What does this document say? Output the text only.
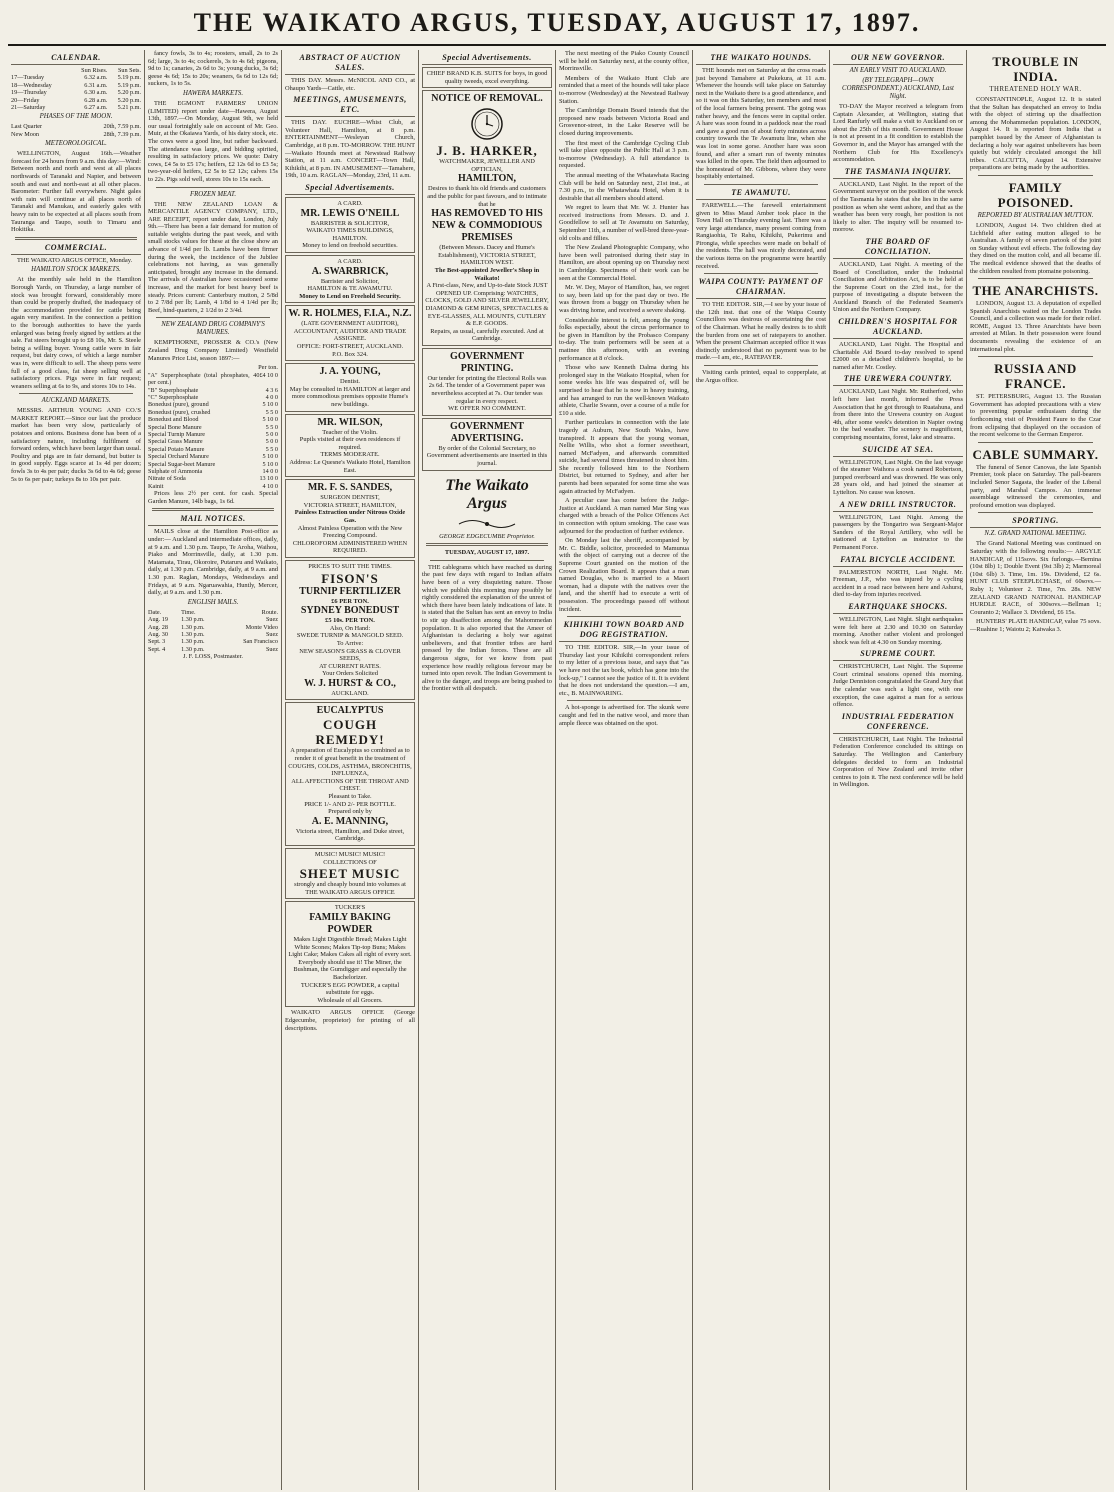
THE WAIKATO ARGUS, TUESDAY, AUGUST 17, 1897.
CALENDAR.
	Sun Rises.	Sun Sets.
17—Tuesday	6.32 a.m.	5.19 p.m.
18—Wednesday	6.31 a.m.	5.19 p.m.
19—Thursday	6.30 a.m.	5.20 p.m.
20—Friday	6.28 a.m.	5.20 p.m.
21—Saturday	6.27 a.m.	5.21 p.m.
PHASES OF THE MOON.
Last Quarter	20th, 7.59 p.m.
New Moon	28th, 7.39 p.m.
METEOROLOGICAL.

WELLINGTON, August 16th.—Weather forecast for 24 hours from 9 a.m. this day:—Wind: Between north and north and west at all places northwards of Taranaki and Napier, and between south and east and north-east at all other places. Barometer: Further fall everywhere. Night gales with rain will continue at all places north of Taranaki and Manukau, and easterly gales with heavy rain to be expected at all places south from Tauranga and Taupo, south to Timaru and Hokitika.

COMMERCIAL.

THE WAIKATO ARGUS OFFICE, Monday.

HAMILTON STOCK MARKETS.

At the monthly sale held in the Hamilton Borough Yards, on Thursday, a large number of stock was brought forward, considerably more than could be properly drafted, the inadequacy of the accommodation provided for cattle being again very manifest. In the connection a petition to the borough authorities to have the yards enlarged was being freely signed by settlers at the sale. Fat steers brought up to £8 10s, Mr. S. Steele being a willing buyer. Young cattle were in fair request, but dairy cows, of which a large number was in, were difficult to sell. The sheep pens were full of a good class, fat sheep selling well at satisfactory prices. Pigs were in fair request; weaners selling at 6s to 9s, and stores 10s to 14s.

AUCKLAND MARKETS.

MESSRS. ARTHUR YOUNG AND CO.'S MARKET REPORT.—Since our last the produce market has been very slow, particularly of potatoes and onions. Business done has been of a satisfactory nature, including fulfilment of forward orders, which have been larger than usual. Poultry and pigs are in fair demand, but butter is in good supply. Eggs scarce at 1s 4d per dozen; fowls 3s to 4s per pair; ducks 3s 6d to 4s 6d; geese 5s to 6s per pair; turkeys 8s to 10s per pair.

fancy fowls, 3s to 4s; roosters, small, 2s to 2s 6d; large, 3s to 4s; cockerels, 3s to 4s 6d; pigeons, 9d to 1s; canaries, 2s 6d to 3s; young ducks, 3s 6d; geese 4s 6d; 15s to 20s; weaners, 6s 6d to 12s 6d; suckers, 1s to 5s.

HAWERA MARKETS.

THE EGMONT FARMERS' UNION (LIMITED) report under date—Hawera, August 13th, 1897.—On Monday, August 9th, we held our usual fortnightly sale on account of Mr. Geo. Muir, at the Okaiawa Yards, of his dairy stock, etc. The cows were a good line, but rather backward. The attendance was large, and bidding spirited, resulting in satisfactory prices. We quote: Dairy cows, £4 5s to £5 17s; heifers, £2 12s 6d to £3 5s; two-year-old heifers, £2 5s to £2 12s; calves 15s to 22s. Pigs sold well, stores 10s to 15s each.

FROZEN MEAT.

THE NEW ZEALAND LOAN & MERCANTILE AGENCY COMPANY, LTD., ARE RECEIPT, report under date, London, July 9th.—There has been a fair demand for mutton of suitable weights during the past week, and with small stocks values for these at the close show an advance of 1/4d per lb. Lambs have been firmer during the week, the incidence of the Jubilee celebrations not having, as was generally anticipated, brought any increase in the demand. The arrivals of Australian have occasioned some increase, and the market for best heavy beef is steady. Prices current: Canterbury mutton, 2 5/8d to 2 7/8d per lb; Lamb, 4 1/8d to 4 1/4d per lb; Beef, hind-quarters, 2 1/2d to 2 3/4d.

NEW ZEALAND DRUG COMPANY'S MANURES.

KEMPTHORNE, PROSSER & CO.'s (New Zealand Drug Company Limited) Westfield Manures Price List, season 1897:—

Per ton.
"A" Superphosphate (total phosphates, 40 per cent.)	£4 10 0
"B" Superphosphate	4 3 6
"C" Superphosphate	4 0 0
Bonedust (pure), ground	5 10 0
Bonedust (pure), crushed	5 5 0
Bonedust and Blood	5 10 0
Special Bone Manure	5 5 0
Special Turnip Manure	5 0 0
Special Grass Manure	5 0 0
Special Potato Manure	5 5 0
Special Orchard Manure	5 10 0
Special Sugar-beet Manure	5 10 0
Sulphate of Ammonia	14 0 0
Nitrate of Soda	13 10 0
Kainit	4 10 0

Prices less 2½ per cent. for cash. Special Garden Manure, 14lb bags, 1s 6d.

MAIL NOTICES.

MAILS close at the Hamilton Post-office as under:— Auckland and intermediate offices, daily, at 9 a.m. and 1.30 p.m. Taupo, Te Aroha, Waihou, Piako and Morrinsville, daily, at 1.30 p.m. Matamata, Tirau, Okoroire, Putaruru and Waikato, daily, at 1.30 p.m. Cambridge, daily, at 9 a.m. and 1.30 p.m. Raglan, Mondays, Wednesdays and Fridays, at 9 a.m. Ngaruawahia, Huntly, Mercer, daily, at 9 a.m. and 1.30 p.m.

ENGLISH MAILS.
Date.	Time.	Route.
Aug. 19	1.30 p.m.	Suez
Aug. 28	1.30 p.m.	Monte Video
Aug. 30	1.30 p.m.	Suez
Sept. 3	1.30 p.m.	San Francisco
Sept. 4	1.30 p.m.	Suez
J. F. LOSS, Postmaster.
ABSTRACT OF AUCTION SALES.

THIS DAY. Messrs. McNICOL AND CO., at Ohaupo Yards—Cattle, etc.

MEETINGS, AMUSEMENTS, ETC.

THIS DAY. EUCHRE—Whist Club, at Volunteer Hall, Hamilton, at 8 p.m. ENTERTAINMENT—Wesleyan Church, Cambridge, at 8 p.m. TO-MORROW. THE HUNT—Waikato Hounds meet at Newstead Railway Station, at 11 a.m. CONCERT—Town Hall, Kihikihi, at 8 p.m. IN AMUSEMENT—Tamahere, 19th, 10 a.m. RAGLAN—Monday, 23rd, 11 a.m.

Special Advertisements.
A CARD.
MR. LEWIS O'NEILL
BARRISTER & SOLICITOR,
WAIKATO TIMES BUILDINGS,
HAMILTON.
Money to lend on freehold securities.
A CARD.
A. SWARBRICK,
Barrister and Solicitor,
HAMILTON & TE AWAMUTU.
Money to Lend on Freehold Security.
W. R. HOLMES, F.I.A., N.Z.
(LATE GOVERNMENT AUDITOR),
ACCOUNTANT, AUDITOR AND TRADE ASSIGNEE.
OFFICE: FORT-STREET, AUCKLAND.
P.O. Box 324.
J. A. YOUNG,
Dentist.
May be consulted in HAMILTON at larger and more commodious premises opposite Hume's new buildings.
MR. WILSON,
Teacher of the Violin.
Pupils visited at their own residences if required.
TERMS MODERATE.
Address: Le Quesne's Waikato Hotel, Hamilton East.
MR. F. S. SANDES,
SURGEON DENTIST,
VICTORIA STREET, HAMILTON,
Painless Extraction under Nitrous Oxide Gas.
Almost Painless Operation with the New Freezing Compound.
CHLOROFORM ADMINISTERED WHEN REQUIRED.
PRICES TO SUIT THE TIMES.
FISON'S
TURNIP FERTILIZER
£6 PER TON.
SYDNEY BONEDUST
£5 10s. PER TON.
Also, On Hand:
SWEDE TURNIP & MANGOLD SEED.
To Arrive:
NEW SEASON'S GRASS & CLOVER SEEDS,
AT CURRENT RATES.
Your Orders Solicited
W. J. HURST & CO.,
AUCKLAND.
EUCALYPTUS
COUGH REMEDY!
A preparation of Eucalyptus so combined as to render it of great benefit in the treatment of
COUGHS, COLDS, ASTHMA, BRONCHITIS, INFLUENZA,
ALL AFFECTIONS OF THE THROAT AND CHEST.
Pleasant to Take.
PRICE 1/- AND 2/- PER BOTTLE.
Prepared only by
A. E. MANNING,
Victoria street, Hamilton, and Duke street, Cambridge.
MUSIC! MUSIC! MUSIC!
COLLECTIONS OF
SHEET MUSIC
strongly and cheaply bound into volumes at
THE WAIKATO ARGUS OFFICE
TUCKER'S
FAMILY BAKING POWDER
Makes Light Digestible Bread; Makes Light White Scones; Makes Tip-top Buns; Makes Light Cake; Makes Cakes all right of every sort.
Everybody should use it! The Miner, the Bushman, the Gumdigger and especially the Bachelorizer.
TUCKER'S EGG POWDER, a capital substitute for eggs.
Wholesale of all Grocers.

WAIKATO ARGUS OFFICE (George Edgecumbe, proprietor) for printing of all descriptions.

Special Advertisements.
CHIEF BRAND K.B. SUITS for boys, in good quality tweeds, excel everything.
NOTICE OF REMOVAL.
J. B. HARKER,
WATCHMAKER, JEWELLER AND OPTICIAN,
HAMILTON,
Desires to thank his old friends and customers and the public for past favours, and to intimate that he
HAS REMOVED TO HIS NEW & COMMODIOUS PREMISES
(Between Messrs. Dacey and Hume's Establishment), VICTORIA STREET, HAMILTON WEST.
The Best-appointed Jeweller's Shop in Waikato!
A First-class, New, and Up-to-date Stock JUST OPENED UP. Comprising: WATCHES, CLOCKS, GOLD AND SILVER JEWELLERY, DIAMOND & GEM RINGS, SPECTACLES & EYE-GLASSES, ALL MOUNTS, CUTLERY & E.P. GOODS.
Repairs, as usual, carefully executed. And at Cambridge.
GOVERNMENT PRINTING.
Our tender for printing the Electoral Rolls was 2s 6d. The tender of a Government paper was nevertheless accepted at 7s. Our tender was regular in every respect.
WE OFFER NO COMMENT.
GOVERNMENT ADVERTISING.
By order of the Colonial Secretary, no Government advertisements are inserted in this journal.
The Waikato Argus
GEORGE EDGECUMBE Proprietor.
TUESDAY, AUGUST 17, 1897.

THE cablegrams which have reached us during the past few days with regard to Indian affairs have been of a very disquieting nature. Those which we publish this morning may possibly be rightly considered the explanation of the unrest of which there have been lately indications of late. It is stated that the Sultan has sent an envoy to India to stir up disaffection among the Mahommedan population. It is also reported that the Ameer of Afghanistan is declaring a holy war against unbelievers, and that frontier tribes are hard pressed by the Indian forces. These are all dangerous signs, for we know from past experience how readily religious fervour may be turned into open revolt. The Indian Government is alive to the danger, and troops are being pushed to the frontier with all despatch.

The next meeting of the Piako County Council will be held on Saturday next, at the county office, Morrinsville.

Members of the Waikato Hunt Club are reminded that a meet of the hounds will take place to-morrow (Wednesday) at the Newstead Railway Station.

The Cambridge Domain Board intends that the proposed new roads between Victoria Road and Grosvenor-street, in the Lake Reserve will be closed during improvements.

The first meet of the Cambridge Cycling Club will take place opposite the Public Hall at 3 p.m. to-morrow (Wednesday). A full attendance is requested.

The annual meeting of the Whatawhata Racing Club will be held on Saturday next, 21st inst., at 7.30 p.m., to the Whatawhata Hotel, when it is desirable that all members should attend.

We regret to learn that Mr. W. J. Hunter has received instructions from Messrs. D. and J. Goodfellow to sell at Te Awamutu on Saturday, September 11th, a number of well-bred three-year-old colts and fillies.

The New Zealand Photographic Company, who have been well patronised during their stay in Hamilton, are about opening up on Thursday next in Cambridge. Specimens of their work can be seen at the Commercial Hotel.

Mr. W. Dey, Mayor of Hamilton, has, we regret to say, been laid up for the past day or two. He was thrown from a buggy on Thursday when he was driving home, and received a severe shaking.

Considerable interest is felt, among the young folks especially, about the circus performance to be given in Hamilton by the Probasco Company to-day. The train performers will be seen at a matinee this afternoon, with an evening performance at 8 o'clock.

Those who saw Kenneth Dalma during his prolonged stay in the Waikato Hospital, when for some weeks his life was despaired of, will be surprised to hear that he is now in heavy training, and has arranged to run the well-known Waikato athlete, Charlie Swann, over a course of a mile for £10 a side.

Further particulars in connection with the late tragedy at Auburn, New South Wales, have transpired. It appears that the young woman, Nellie Willis, who shot a former sweetheart, named McFadyen, and afterwards committed suicide, had several times threatened to shoot him. She recently followed him to the Northern District, but returned to Sydney, and after her parents had been separated for some time she was again attracted by McFadyen.

A peculiar case has come before the Judge-Justice at Auckland. A man named Mar Sing was charged with a breach of the Police Offences Act in connection with opium smoking. The case was adjourned for the production of further evidence.

On Monday last the sheriff, accompanied by Mr. C. Biddle, solicitor, proceeded to Mamunua with the object of carrying out a decree of the Supreme Court granted on the motion of the Crown Realization Board. It appears that a man named Douglas, who is married to a Maori woman, had a dispute with the natives over the land, and the sheriff had to execute a writ of possession. The proceedings passed off without incident.

KIHIKIHI TOWN BOARD AND DOG REGISTRATION.

TO THE EDITOR. SIR,—In your issue of Thursday last your Kihikihi correspondent refers to my letter of a previous issue, and says that "as we have not the tax book, which has gone into the lock-up," I cannot see the justice of it. It is evident that he does not understand the question.—I am, etc., B. MAINWARING.

A hot-sponge is advertised for. The skunk were caught and fed in the native wool, and more than ample fleece was obtained on the spot.

THE WAIKATO HOUNDS.

THE hounds met on Saturday at the cross roads just beyond Tamahere at Pukekura, at 11 a.m. Whenever the hounds will take place on Saturday next in the Waikato there is a good attendance, and so it was on this Saturday, ten members and most of the local farmers being present. The going was rather heavy, and the fences were in capital order. A hare was soon found in a paddock near the road and gave a good run of about forty minutes across country towards the Te Awamutu line, when she was lost in some gorse. Another hare was soon found, and after a smart run of twenty minutes was killed in the open. The field then adjourned to the homestead of Mr. Gibbons, where they were hospitably entertained.

TE AWAMUTU.

FAREWELL.—The farewell entertainment given to Miss Maud Amber took place in the Town Hall on Thursday evening last. There was a very large attendance, many present coming from Rangiaohia, Te Rahu, Kihikihi, Pukerimu and Pirongia, while speeches were made on behalf of the residents. The hall was nicely decorated, and the various items on the programme were heartily received.

WAIPA COUNTY: PAYMENT OF CHAIRMAN.

TO THE EDITOR. SIR,—I see by your issue of the 12th inst. that one of the Waipa County Councillors was desirous of ascertaining the cost of the Chairman. What he really desires is to shift the burden from one set of ratepayers to another. When the present Chairman accepted office it was distinctly understood that no payment was to be made.—I am, etc., RATEPAYER.

Visiting cards printed, equal to copperplate, at the Argus office.

OUR NEW GOVERNOR.
AN EARLY VISIT TO AUCKLAND.
(BY TELEGRAPH—OWN CORRESPONDENT.) AUCKLAND, Last Night.

TO-DAY the Mayor received a telegram from Captain Alexander, at Wellington, stating that Lord Ranfurly will make a visit to Auckland on or about the 25th of this month. Government House is not at present in a fit condition to establish the Governor in, and the Mayor has arranged with the Northern Club for His Excellency's accommodation.

THE TASMANIA INQUIRY.

AUCKLAND, Last Night. In the report of the Government surveyor on the position of the wreck of the Tasmania he states that she lies in the same position as when she went ashore, and that as the weather has been very rough, her position is not likely to alter. The inquiry will be resumed to-morrow.

THE BOARD OF CONCILIATION.

AUCKLAND, Last Night. A meeting of the Board of Conciliation, under the Industrial Conciliation and Arbitration Act, is to be held at the Supreme Court on the 23rd inst., for the purpose of investigating a dispute between the Auckland Branch of the Federated Seamen's Union and the Northern Company.

CHILDREN'S HOSPITAL FOR AUCKLAND.

AUCKLAND, Last Night. The Hospital and Charitable Aid Board to-day resolved to spend £2000 on a detached children's hospital, to be named after Mr. Costley.

THE UREWERA COUNTRY.

AUCKLAND, Last Night. Mr. Rutherford, who left here last month, informed the Press Association that he got through to Ruatahuna, and from there into the Urewera country on August 4th, after some week's detention in Napier owing to the bad weather. The scenery is magnificent, comprising mountains, forest, lake and streams.

SUICIDE AT SEA.

WELLINGTON, Last Night. On the last voyage of the steamer Waihora a cook named Robertson, jumped overboard and was drowned. He was only 28 years old, and had joined the steamer at Lyttelton. No cause was known.

A NEW DRILL INSTRUCTOR.

WELLINGTON, Last Night. Among the passengers by the Tongariro was Sergeant-Major Sanders of the Royal Artillery, who will be stationed at Lyttelton as instructor to the Permanent Force.

FATAL BICYCLE ACCIDENT.

PALMERSTON NORTH, Last Night. Mr. Freeman, J.P., who was injured by a cycling accident in a road race between here and Ashurst, died to-day from injuries received.

EARTHQUAKE SHOCKS.

WELLINGTON, Last Night. Slight earthquakes were felt here at 2.30 and 10.30 on Saturday morning. Another rather violent and prolonged shock was felt at 4.30 on Sunday morning.

SUPREME COURT.

CHRISTCHURCH, Last Night. The Supreme Court criminal sessions opened this morning. Judge Denniston congratulated the Grand Jury that the calendar was such a light one, with one exception, the case against a man for a serious offence.

INDUSTRIAL FEDERATION CONFERENCE.

CHRISTCHURCH, Last Night. The Industrial Federation Conference concluded its sittings on Saturday. The Wellington and Canterbury delegates decided to form an Industrial Corporation of New Zealand and invite other centres to join it. The next conference will be held in Wellington.

TROUBLE IN INDIA.
THREATENED HOLY WAR.

CONSTANTINOPLE, August 12. It is stated that the Sultan has despatched an envoy to India with the object of stirring up the disaffection among the Mohammedan population. LONDON, August 14. It is reported from India that a pamphlet issued by the Ameer of Afghanistan is declaring a holy war against unbelievers has been quietly but widely circulated amongst the hill tribes. CALCUTTA, August 14. Extensive preparations are being made by the authorities.

FAMILY POISONED.
REPORTED BY AUSTRALIAN MUTTON.

LONDON, August 14. Two children died at Lichfield after eating mutton alleged to be Australian. A family of seven partook of the joint on Sunday without evil effects. The following day they dined on the mutton cold, and all became ill. The medical evidence showed that the deaths of the children resulted from ptomaine poisoning.

THE ANARCHISTS.

LONDON, August 13. A deputation of expelled Spanish Anarchists waited on the London Trades Council, and a collection was made for their relief. ROME, August 13. Three Anarchists have been arrested at Milan. In their possession were found documents revealing the existence of an international plot.

RUSSIA AND FRANCE.

ST. PETERSBURG, August 13. The Russian Government has adopted precautions with a view to preventing popular enthusiasm during the forthcoming visit of President Faure to the Czar from eclipsing that displayed on the occasion of the recent welcome to the German Emperor.

CABLE SUMMARY.

The funeral of Senor Canovas, the late Spanish Premier, took place on Saturday. The pall-bearers included Senor Sagasta, the leader of the Liberal party, and Marshal Campos. An immense assemblage witnessed the ceremonies, and profound emotion was displayed.

SPORTING.
N.Z. GRAND NATIONAL MEETING.

The Grand National Meeting was continued on Saturday with the following results:— ARGYLE HANDICAP, of 115sovs. Six furlongs.—Bernina (10st 8lb) 1; Double Event (9st 3lb) 2; Marmoreal (10st 6lb) 3. Time, 1m. 19s. Dividend, £2 6s. HUNT CLUB STEEPLECHASE, of 60sovs.—Ruby 1; Volunteer 2. Time, 7m. 28s. NEW ZEALAND GRAND NATIONAL HANDICAP HURDLE RACE, of 300sovs.—Bellman 1; Couranto 2; Wallace 3. Dividend, £6 15s.

HUNTERS' PLATE HANDICAP, value 75 sovs.—Ruahine 1; Waiotu 2; Kaiwaka 3.
